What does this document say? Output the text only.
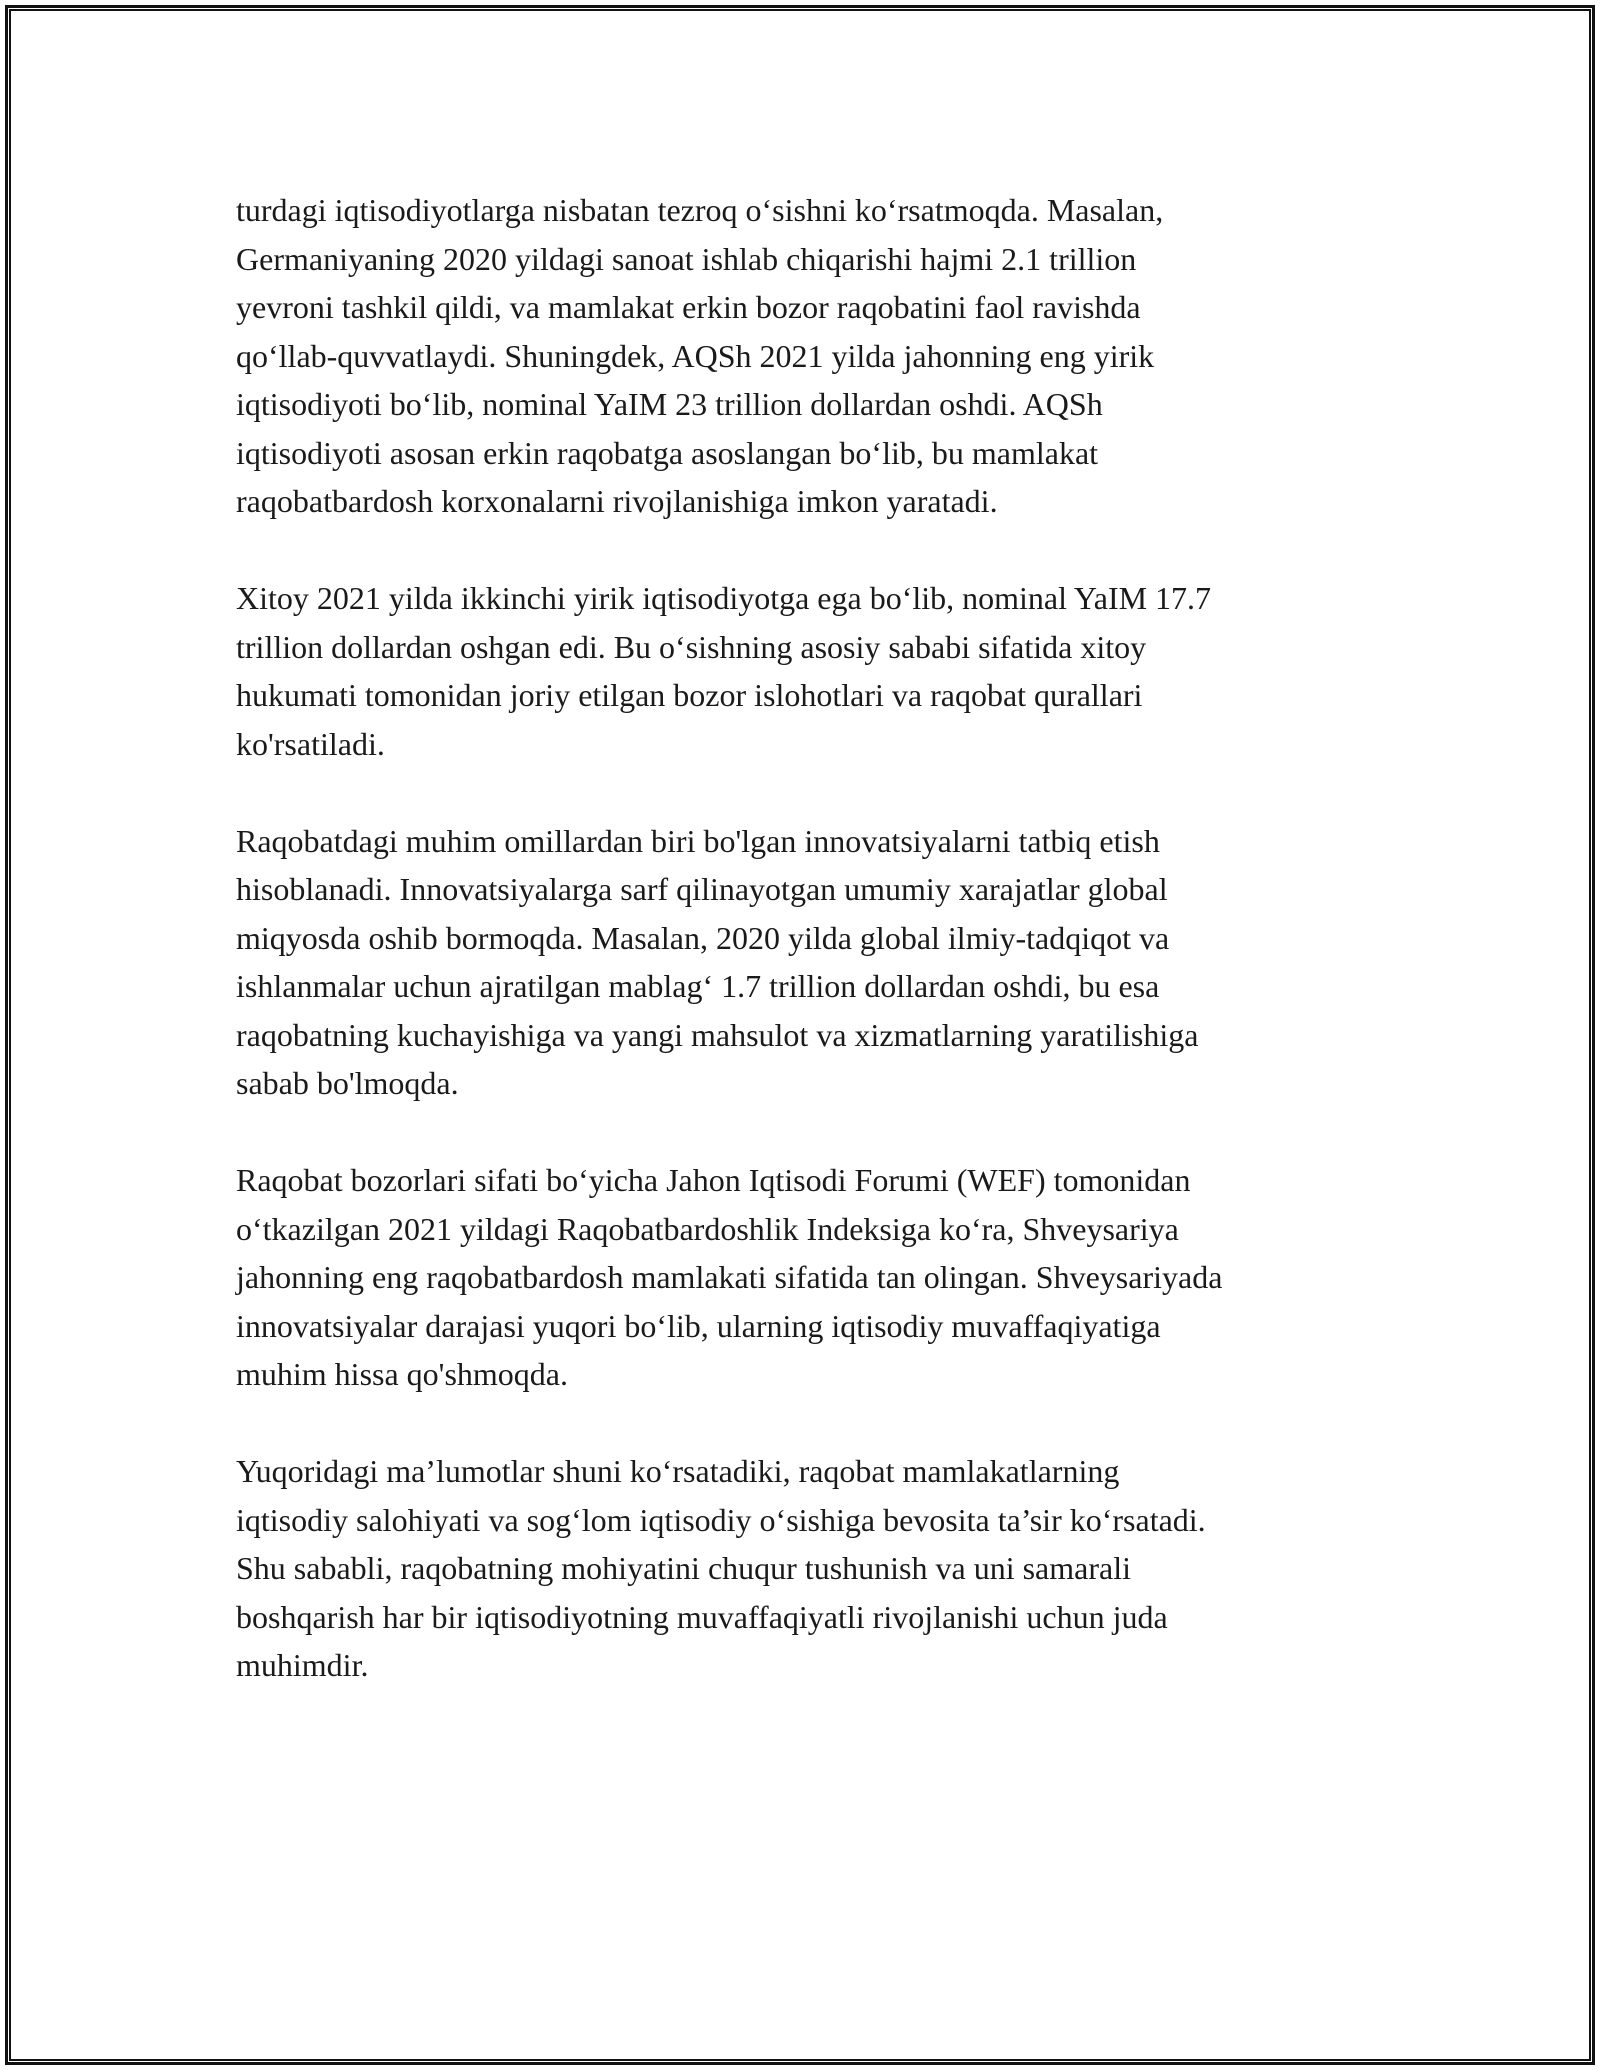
turdagi iqtisodiyotlarga nisbatan tezroq o‘sishni ko‘rsatmoqda. Masalan,
Germaniyaning 2020 yildagi sanoat ishlab chiqarishi hajmi 2.1 trillion
yevroni tashkil qildi, va mamlakat erkin bozor raqobatini faol ravishda
qo‘llab-quvvatlaydi. Shuningdek, AQSh 2021 yilda jahonning eng yirik
iqtisodiyoti bo‘lib, nominal YaIM 23 trillion dollardan oshdi. AQSh
iqtisodiyoti asosan erkin raqobatga asoslangan bo‘lib, bu mamlakat
raqobatbardosh korxonalarni rivojlanishiga imkon yaratadi.

Xitoy 2021 yilda ikkinchi yirik iqtisodiyotga ega bo‘lib, nominal YaIM 17.7
trillion dollardan oshgan edi. Bu o‘sishning asosiy sababi sifatida xitoy
hukumati tomonidan joriy etilgan bozor islohotlari va raqobat qurallari
ko'rsatiladi.

Raqobatdagi muhim omillardan biri bo'lgan innovatsiyalarni tatbiq etish
hisoblanadi. Innovatsiyalarga sarf qilinayotgan umumiy xarajatlar global
miqyosda oshib bormoqda. Masalan, 2020 yilda global ilmiy-tadqiqot va
ishlanmalar uchun ajratilgan mablag‘ 1.7 trillion dollardan oshdi, bu esa
raqobatning kuchayishiga va yangi mahsulot va xizmatlarning yaratilishiga
sabab bo'lmoqda.

Raqobat bozorlari sifati bo‘yicha Jahon Iqtisodi Forumi (WEF) tomonidan
o‘tkazilgan 2021 yildagi Raqobatbardoshlik Indeksiga ko‘ra, Shveysariya
jahonning eng raqobatbardosh mamlakati sifatida tan olingan. Shveysariyada
innovatsiyalar darajasi yuqori bo‘lib, ularning iqtisodiy muvaffaqiyatiga
muhim hissa qo'shmoqda.

Yuqoridagi ma’lumotlar shuni ko‘rsatadiki, raqobat mamlakatlarning
iqtisodiy salohiyati va sog‘lom iqtisodiy o‘sishiga bevosita ta’sir ko‘rsatadi.
Shu sababli, raqobatning mohiyatini chuqur tushunish va uni samarali
boshqarish har bir iqtisodiyotning muvaffaqiyatli rivojlanishi uchun juda
muhimdir.
